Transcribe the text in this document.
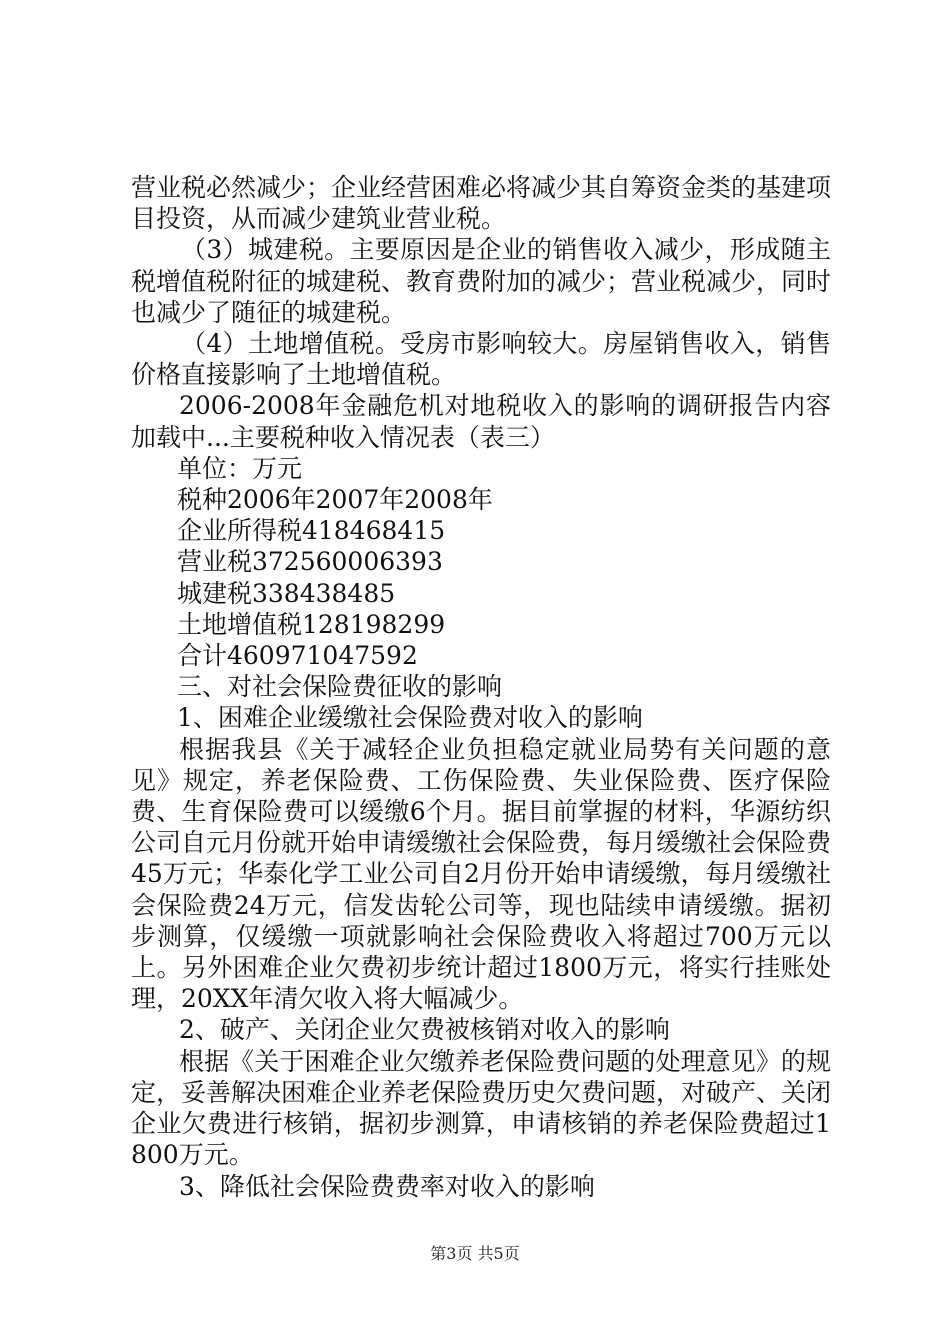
营业税必然减少；企业经营困难必将减少其自筹资金类的基建项目投资，从而减少建筑业营业税。

（3）城建税。主要原因是企业的销售收入减少，形成随主税增值税附征的城建税、教育费附加的减少；营业税减少，同时也减少了随征的城建税。

（4）土地增值税。受房市影响较大。房屋销售收入，销售价格直接影响了土地增值税。

2006-2008年金融危机对地税收入的影响的调研报告内容加载中...主要税种收入情况表（表三）

单位：万元

税种2006年2007年2008年

企业所得税418468415

营业税372560006393

城建税338438485

土地增值税128198299

合计460971047592

三、对社会保险费征收的影响

1、困难企业缓缴社会保险费对收入的影响

根据我县《关于减轻企业负担稳定就业局势有关问题的意见》规定，养老保险费、工伤保险费、失业保险费、医疗保险费、生育保险费可以缓缴6个月。据目前掌握的材料，华源纺织公司自元月份就开始申请缓缴社会保险费，每月缓缴社会保险费45万元；华泰化学工业公司自2月份开始申请缓缴，每月缓缴社会保险费24万元，信发齿轮公司等，现也陆续申请缓缴。据初步测算，仅缓缴一项就影响社会保险费收入将超过700万元以上。另外困难企业欠费初步统计超过1800万元，将实行挂账处理，20XX年清欠收入将大幅减少。

2、破产、关闭企业欠费被核销对收入的影响

根据《关于困难企业欠缴养老保险费问题的处理意见》的规定，妥善解决困难企业养老保险费历史欠费问题，对破产、关闭企业欠费进行核销，据初步测算，申请核销的养老保险费超过1800万元。

3、降低社会保险费费率对收入的影响

第3页 共5页
